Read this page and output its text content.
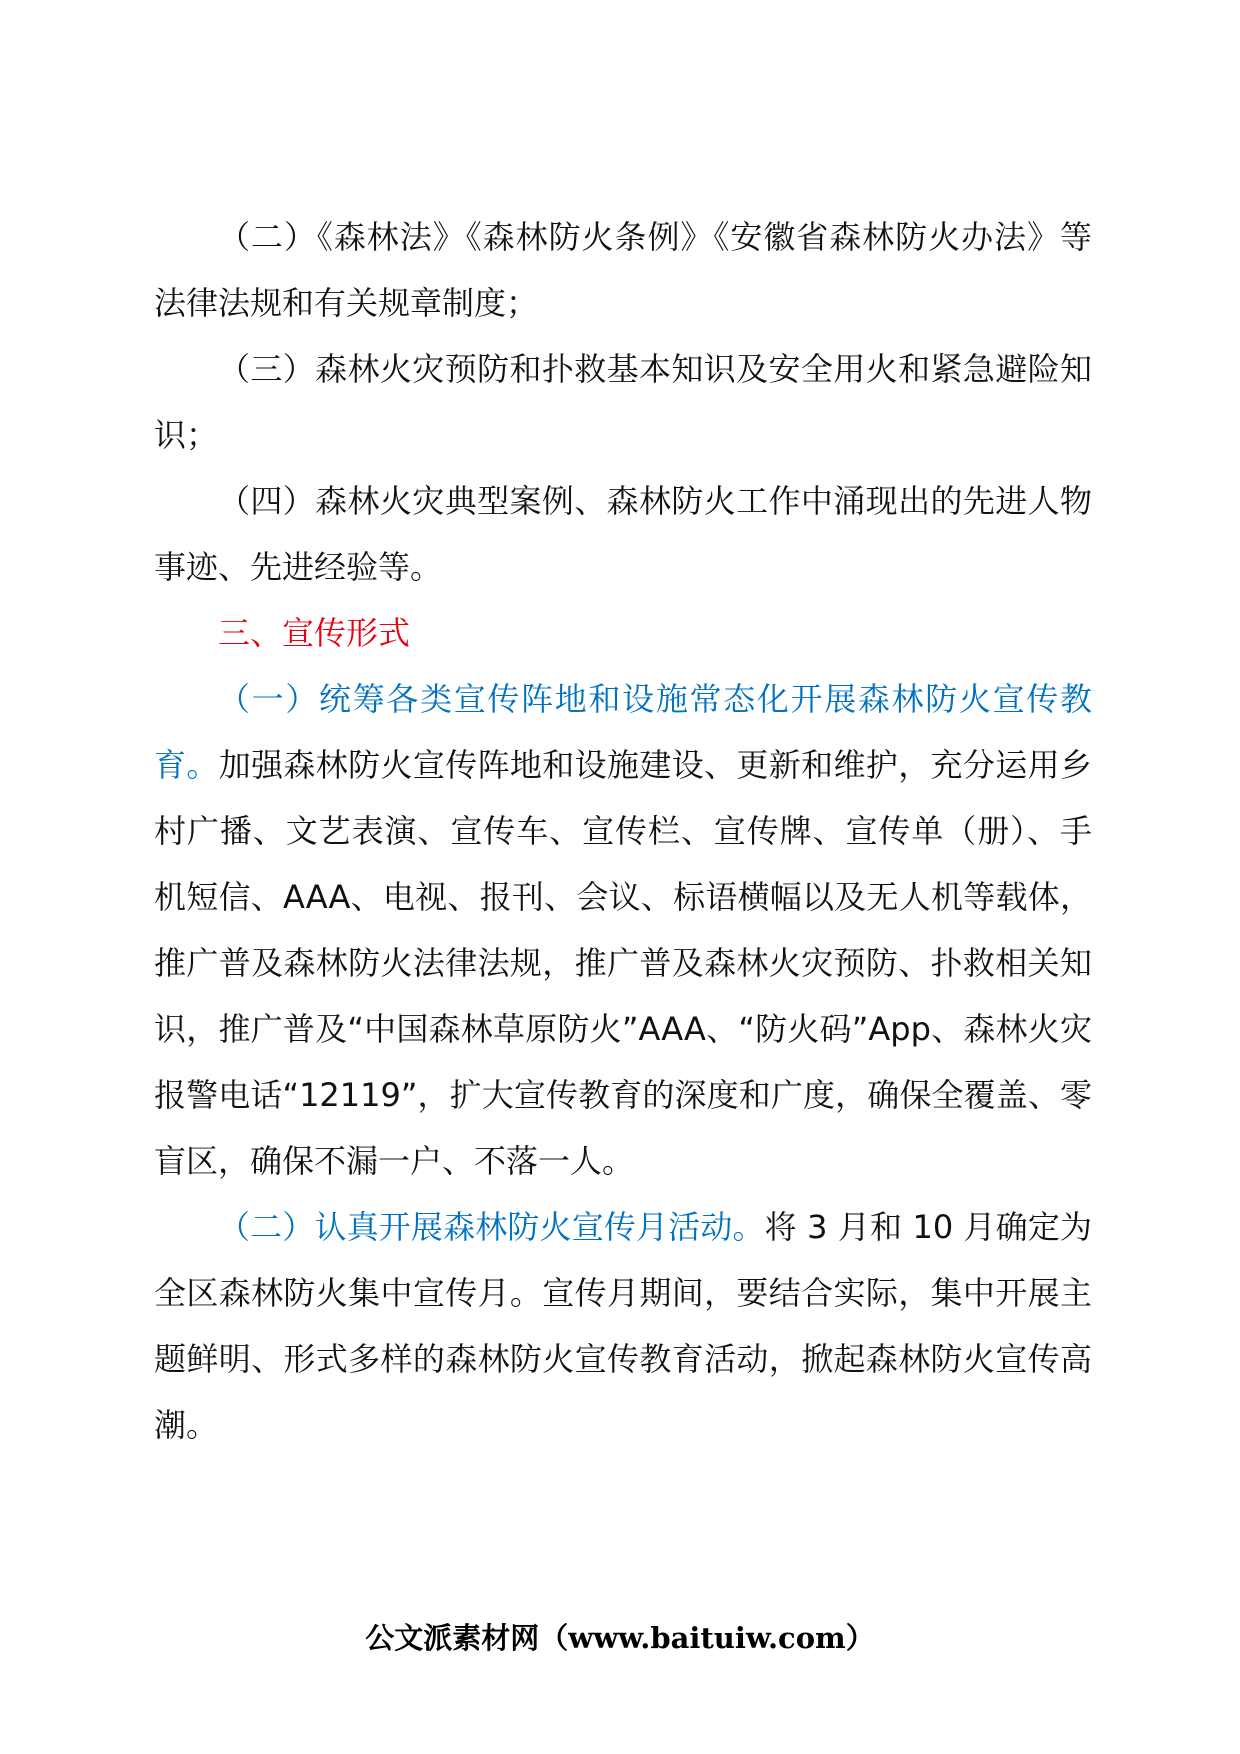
（二）《森林法》《森林防火条例》《安徽省森林防火办法》等法律法规和有关规章制度；

（三）森林火灾预防和扑救基本知识及安全用火和紧急避险知识；

（四）森林火灾典型案例、森林防火工作中涌现出的先进人物事迹、先进经验等。

三、宣传形式

（一）统筹各类宣传阵地和设施常态化开展森林防火宣传教育。加强森林防火宣传阵地和设施建设、更新和维护，充分运用乡村广播、文艺表演、宣传车、宣传栏、宣传牌、宣传单（册）、手机短信、AAA、电视、报刊、会议、标语横幅以及无人机等载体，推广普及森林防火法律法规，推广普及森林火灾预防、扑救相关知识，推广普及“中国森林草原防火”AAA、“防火码”App、森林火灾报警电话“12119”，扩大宣传教育的深度和广度，确保全覆盖、零盲区，确保不漏一户、不落一人。

（二）认真开展森林防火宣传月活动。将 3 月和 10 月确定为全区森林防火集中宣传月。宣传月期间，要结合实际，集中开展主题鲜明、形式多样的森林防火宣传教育活动，掀起森林防火宣传高潮。

公文派素材网（www.baituiw.com）
